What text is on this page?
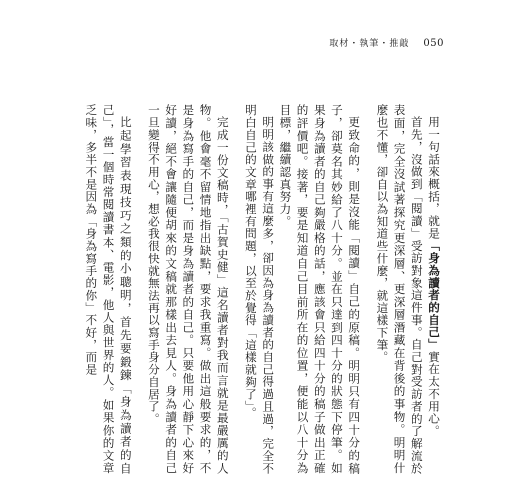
取材・執筆・推敲 050

用一句話來概括，就是「身為讀者的自己」實在太不用心。

首先，沒做到「閱讀」受訪對象這件事。自己對受訪者的了解流於表面，完全沒試著探究更深層、更深層潛藏在背後的事物。明明什麼也不懂，卻自以為知道些什麼，就這樣下筆。

更致命的，則是沒能「閱讀」自己的原稿。明明只有四十分的稿子，卻莫名其妙給了八十分。並在只達到四十分的狀態下停筆。如果身為讀者的自己夠嚴格的話，應該會只給四十分的稿子做出正確的評價吧。接著，要是知道自己目前所在的位置，便能以八十分為目標，繼續認真努力。

明明該做的事有這麼多，卻因為身為讀者的自己得過且過，完全不明白自己的文章哪裡有問題，以至於覺得「這樣就夠了」。

完成一份文稿時，「古賀史健」這名讀者對我而言就是最嚴厲的人物。他會毫不留情地指出缺點，要求我重寫。做出這般要求的，不是身為寫手的自己，而是身為讀者的自己。只要他用心靜下心來好好讀，絕不會讓隨便胡來的文稿就那樣出去見人。身為讀者的自己一旦變得不用心，想必我很快就無法再以寫手身分自居了。

比起學習表現技巧之類的小聰明，首先要鍛鍊「身為讀者的自己」，當一個時常閱讀書本、電影，他人與世界的人。如果你的文章乏味，多半不是因為「身為寫手的你」不好，而是
